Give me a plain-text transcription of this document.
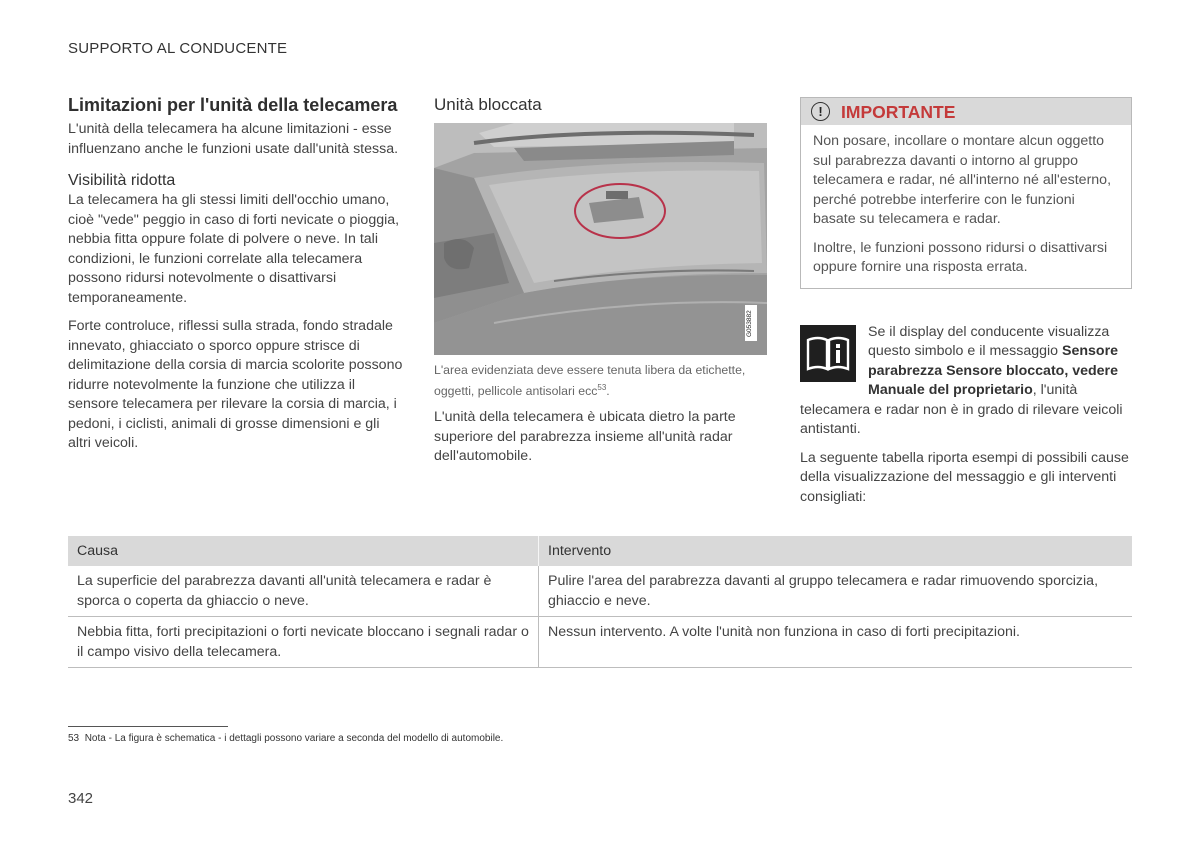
SUPPORTO AL CONDUCENTE
Limitazioni per l'unità della telecamera

L'unità della telecamera ha alcune limitazioni - esse influenzano anche le funzioni usate dall'unità stessa.

Visibilità ridotta

La telecamera ha gli stessi limiti dell'occhio umano, cioè "vede" peggio in caso di forti nevicate o pioggia, nebbia fitta oppure folate di polvere o neve. In tali condizioni, le funzioni correlate alla telecamera possono ridursi notevolmente o disattivarsi temporaneamente.

Forte controluce, riflessi sulla strada, fondo stradale innevato, ghiacciato o sporco oppure strisce di delimitazione della corsia di marcia scolorite possono ridurre notevolmente la funzione che utilizza il sensore telecamera per rilevare la corsia di marcia, i pedoni, i ciclisti, animali di grosse dimensioni e gli altri veicoli.

Unità bloccata
G053882

L'area evidenziata deve essere tenuta libera da etichette, oggetti, pellicole antisolari ecc$^{53}$.

L'unità della telecamera è ubicata dietro la parte superiore del parabrezza insieme all'unità radar dell'automobile.

!	IMPORTANTE

Non posare, incollare o montare alcun oggetto sul parabrezza davanti o intorno al gruppo telecamera e radar, né all'interno né all'esterno, perché potrebbe interferire con le funzioni basate su telecamera e radar.

Inoltre, le funzioni possono ridursi o disattivarsi oppure fornire una risposta errata.

Se il display del conducente visualizza questo simbolo e il messaggio Sensore parabrezza Sensore bloccato, vedere Manuale del proprietario, l'unità telecamera e radar non è in grado di rilevare veicoli antistanti.

La seguente tabella riporta esempi di possibili cause della visualizzazione del messaggio e gli interventi consigliati:

Causa	Intervento
La superficie del parabrezza davanti all'unità telecamera e radar è sporca o coperta da ghiaccio o neve.	Pulire l'area del parabrezza davanti al gruppo telecamera e radar rimuovendo sporcizia, ghiaccio e neve.
Nebbia fitta, forti precipitazioni o forti nevicate bloccano i segnali radar o il campo visivo della telecamera.	Nessun intervento. A volte l'unità non funziona in caso di forti precipitazioni.
53 Nota - La figura è schematica - i dettagli possono variare a seconda del modello di automobile.
342
